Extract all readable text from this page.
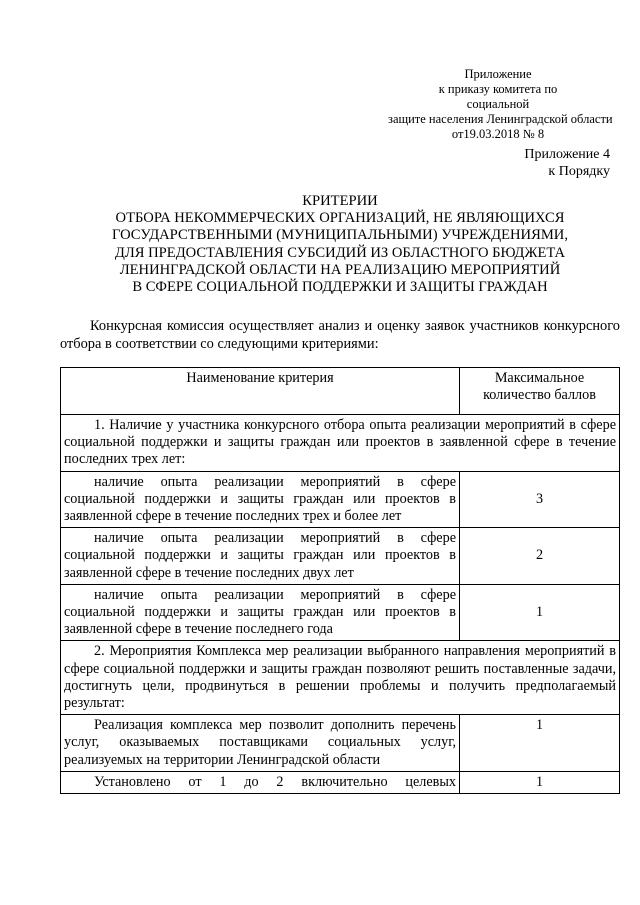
Приложение
к приказу комитета по социальной
защите населения Ленинградской области
от19.03.2018 № 8
Приложение 4
к Порядку
КРИТЕРИИ
ОТБОРА НЕКОММЕРЧЕСКИХ ОРГАНИЗАЦИЙ, НЕ ЯВЛЯЮЩИХСЯ
ГОСУДАРСТВЕННЫМИ (МУНИЦИПАЛЬНЫМИ) УЧРЕЖДЕНИЯМИ,
ДЛЯ ПРЕДОСТАВЛЕНИЯ СУБСИДИЙ ИЗ ОБЛАСТНОГО БЮДЖЕТА
ЛЕНИНГРАДСКОЙ ОБЛАСТИ НА РЕАЛИЗАЦИЮ МЕРОПРИЯТИЙ
В СФЕРЕ СОЦИАЛЬНОЙ ПОДДЕРЖКИ И ЗАЩИТЫ ГРАЖДАН
Конкурсная комиссия осуществляет анализ и оценку заявок участников конкурсного отбора в соответствии со следующими критериями:
Наименование критерия	Максимальное количество баллов
1. Наличие у участника конкурсного отбора опыта реализации мероприятий в сфере социальной поддержки и защиты граждан или проектов в заявленной сфере в течение последних трех лет:	
наличие опыта реализации мероприятий в сфере социальной поддержки и защиты граждан или проектов в заявленной сфере в течение последних трех и более лет	3
наличие опыта реализации мероприятий в сфере социальной поддержки и защиты граждан или проектов в заявленной сфере в течение последних двух лет	2
наличие опыта реализации мероприятий в сфере социальной поддержки и защиты граждан или проектов в заявленной сфере в течение последнего года	1
2. Мероприятия Комплекса мер реализации выбранного направления мероприятий в сфере социальной поддержки и защиты граждан позволяют решить поставленные задачи, достигнуть цели, продвинуться в решении проблемы и получить предполагаемый результат:	
Реализация комплекса мер позволит дополнить перечень услуг, оказываемых поставщиками социальных услуг, реализуемых на территории Ленинградской области	1
Установлено от 1 до 2 включительно целевых	1
